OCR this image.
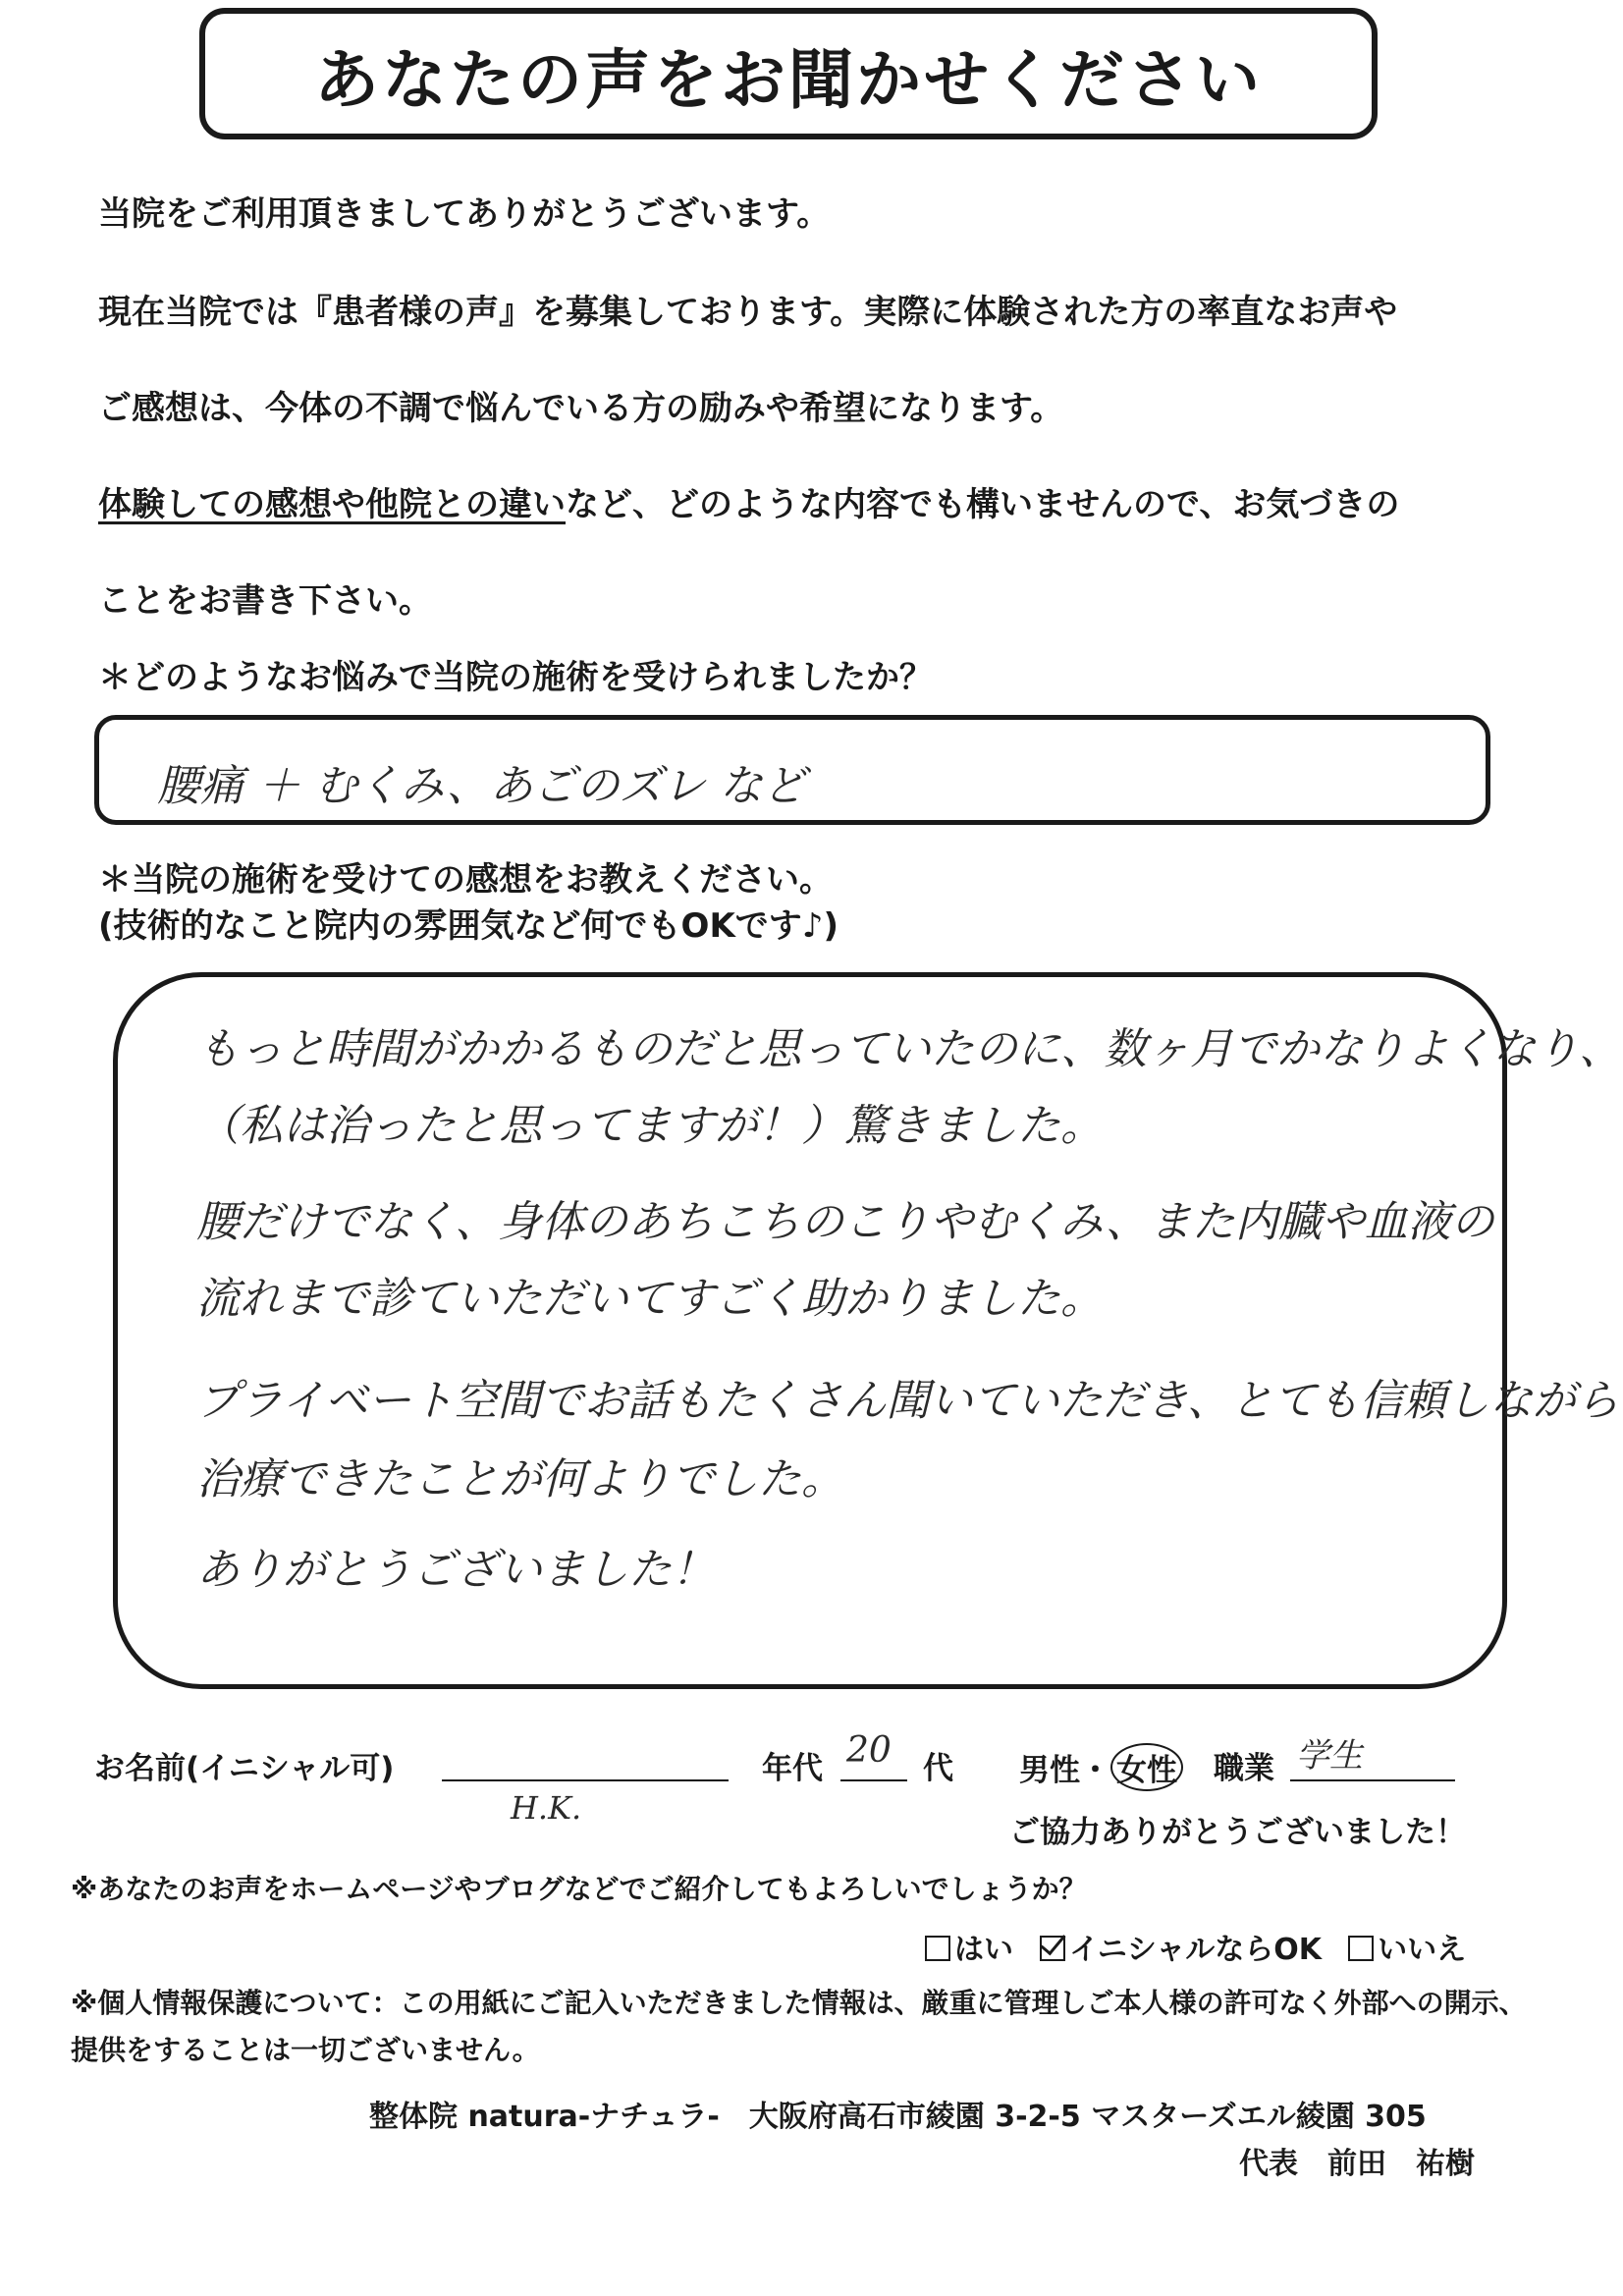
あなたの声をお聞かせください
当院をご利用頂きましてありがとうございます。
現在当院では『患者様の声』を募集しております。実際に体験された方の率直なお声や
ご感想は、今体の不調で悩んでいる方の励みや希望になります。
体験しての感想や他院との違いなど、どのような内容でも構いませんので、お気づきの
ことをお書き下さい。
＊どのようなお悩みで当院の施術を受けられましたか？
腰痛 ＋ むくみ、あごのズレ など
＊当院の施術を受けての感想をお教えください。
(技術的なこと院内の雰囲気など何でもOKです♪)
もっと時間がかかるものだと思っていたのに、数ヶ月でかなりよくなり、
（私は治ったと思ってますが！）驚きました。
腰だけでなく、身体のあちこちのこりやむくみ、また内臓や血液の
流れまで診ていただいてすごく助かりました。
プライベート空間でお話もたくさん聞いていただき、とても信頼しながら
治療できたことが何よりでした。
ありがとうございました！
お名前(イニシャル可)
H.K.
年代 20 代 男性・ 女性 職業 学生
ご協力ありがとうございました！
※あなたのお声をホームページやブログなどでご紹介してもよろしいでしょうか？
はい イニシャルならOK いいえ
※個人情報保護について：この用紙にご記入いただきました情報は、厳重に管理しご本人様の許可なく外部への開示、
提供をすることは一切ございません。
整体院 natura-ナチュラ-　大阪府高石市綾園 3-2-5 マスターズエル綾園 305
代表　前田　祐樹
